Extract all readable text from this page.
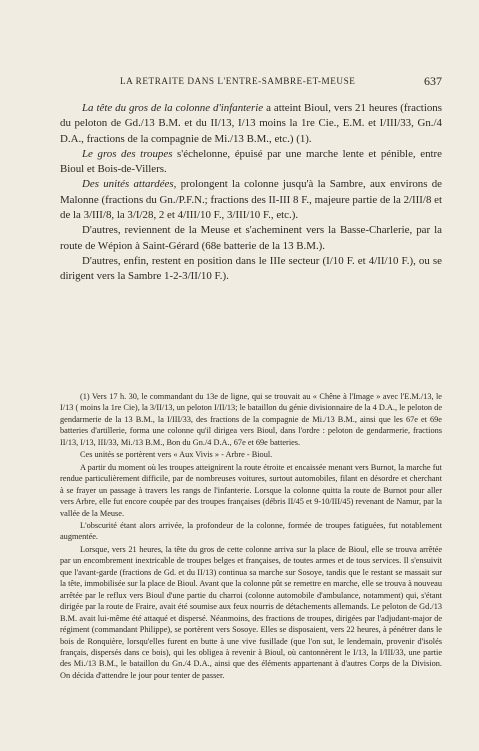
LA RETRAITE DANS L'ENTRE-SAMBRE-ET-MEUSE	637

La tête du gros de la colonne d'infanterie a atteint Bioul, vers 21 heures (fractions du peloton de Gd./13 B.M. et du II/13, I/13 moins la 1re Cie., E.M. et I/III/33, Gn./4 D.A., fractions de la compagnie de Mi./13 B.M., etc.) (1).

Le gros des troupes s'échelonne, épuisé par une marche lente et pénible, entre Bioul et Bois-de-Villers.

Des unités attardées, prolongent la colonne jusqu'à la Sambre, aux environs de Malonne (fractions du Gn./P.F.N.; fractions des II-III 8 F., majeure partie de la 2/III/8 et de la 3/III/8, la 3/I/28, 2 et 4/III/10 F., 3/III/10 F., etc.).

D'autres, reviennent de la Meuse et s'acheminent vers la Basse-Charlerie, par la route de Wépion à Saint-Gérard (68e batterie de la 13 B.M.).

D'autres, enfin, restent en position dans le IIIe secteur (I/10 F. et 4/II/10 F.), ou se dirigent vers la Sambre 1-2-3/II/10 F.).

(1) Vers 17 h. 30, le commandant du 13e de ligne, qui se trouvait au « Chêne à l'Image » avec l'E.M./13, le I/13 ( moins la 1re Cie), la 3/II/13, un peloton I/II/13; le bataillon du génie divisionnaire de la 4 D.A., le peloton de gendarmerie de la 13 B.M., la I/III/33, des fractions de la compagnie de Mi./13 B.M., ainsi que les 67e et 69e batteries d'artillerie, forma une colonne qu'il dirigea vers Bioul, dans l'ordre : peloton de gendarmerie, fractions II/13, I/13, III/33, Mi./13 B.M., Bon du Gn./4 D.A., 67e et 69e batteries.

Ces unités se portèrent vers « Aux Vivis » - Arbre - Bioul.

A partir du moment où les troupes atteignirent la route étroite et encaissée menant vers Burnot, la marche fut rendue particulièrement difficile, par de nombreuses voitures, surtout automobiles, filant en désordre et cherchant à se frayer un passage à travers les rangs de l'infanterie. Lorsque la colonne quitta la route de Burnot pour aller vers Arbre, elle fut encore coupée par des troupes françaises (débris II/45 et 9-10/III/45) revenant de Namur, par la vallée de la Meuse.

L'obscurité étant alors arrivée, la profondeur de la colonne, formée de troupes fatiguées, fut notablement augmentée.

Lorsque, vers 21 heures, la tête du gros de cette colonne arriva sur la place de Bioul, elle se trouva arrêtée par un encombrement inextricable de troupes belges et françaises, de toutes armes et de tous services. Il s'ensuivit que l'avant-garde (fractions de Gd. et du II/13) continua sa marche sur Sosoye, tandis que le restant se massait sur la tête, immobilisée sur la place de Bioul. Avant que la colonne pût se remettre en marche, elle se trouva à nouveau arrêtée par le reflux vers Bioul d'une partie du charroi (colonne automobile d'ambulance, notamment) qui, s'étant dirigée par la route de Fraire, avait été soumise aux feux nourris de détachements allemands. Le peloton de Gd./13 B.M. avait lui-même été attaqué et dispersé. Néanmoins, des fractions de troupes, dirigées par l'adjudant-major de régiment (commandant Philippe), se portèrent vers Sosoye. Elles se disposaient, vers 22 heures, à pénétrer dans le bois de Ronquière, lorsqu'elles furent en butte à une vive fusillade (que l'on sut, le lendemain, provenir d'isolés français, dispersés dans ce bois), qui les obligea à revenir à Bioul, où cantonnèrent le I/13, la I/III/33, une partie des Mi./13 B.M., le bataillon du Gn./4 D.A., ainsi que des éléments appartenant à d'autres Corps de la Division. On décida d'attendre le jour pour tenter de passer.
